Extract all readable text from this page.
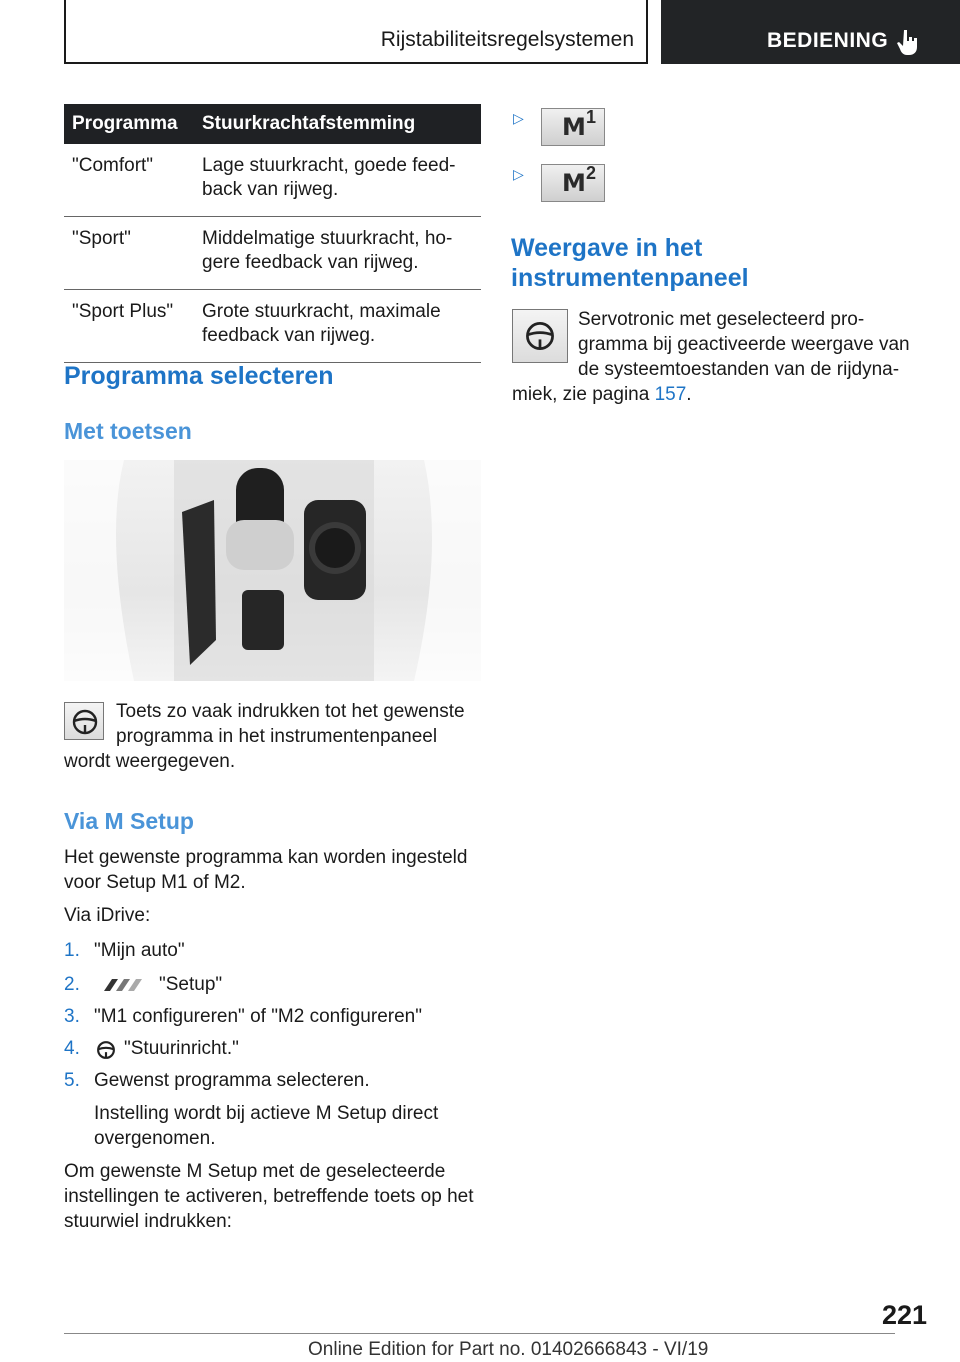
Rijstabiliteitsregelsystemen	BEDIENING
Programma	Stuurkrachtafstemming
"Comfort"	Lage stuurkracht, goede feed-
back van rijweg.
"Sport"	Middelmatige stuurkracht, ho-
gere feedback van rijweg.
"Sport Plus"	Grote stuurkracht, maximale
feedback van rijweg.
Programma selecteren
Met toetsen

Toets zo vaak indrukken tot het gewenste

programma in het instrumentenpaneel

wordt weergegeven.

Via M Setup

Het gewenste programma kan worden ingesteld

voor Setup M1 of M2.

Via iDrive:

1. "Mijn auto"
2.	"Setup"
3. "M1 configureren" of "M2 configureren"
4. "Stuurinricht."
5. Gewenst programma selecteren.

Instelling wordt bij actieve M Setup direct

overgenomen.

Om gewenste M Setup met de geselecteerde

instellingen te activeren, betreffende toets op het

stuurwiel indrukken:

▷ M 1
▷ M 2
Weergave in het
instrumentenpaneel

Servotronic met geselecteerd pro-

gramma bij geactiveerde weergave van

de systeemtoestanden van de rijdyna-

miek, zie pagina 157.

221
Online Edition for Part no. 01402666843 - VI/19
